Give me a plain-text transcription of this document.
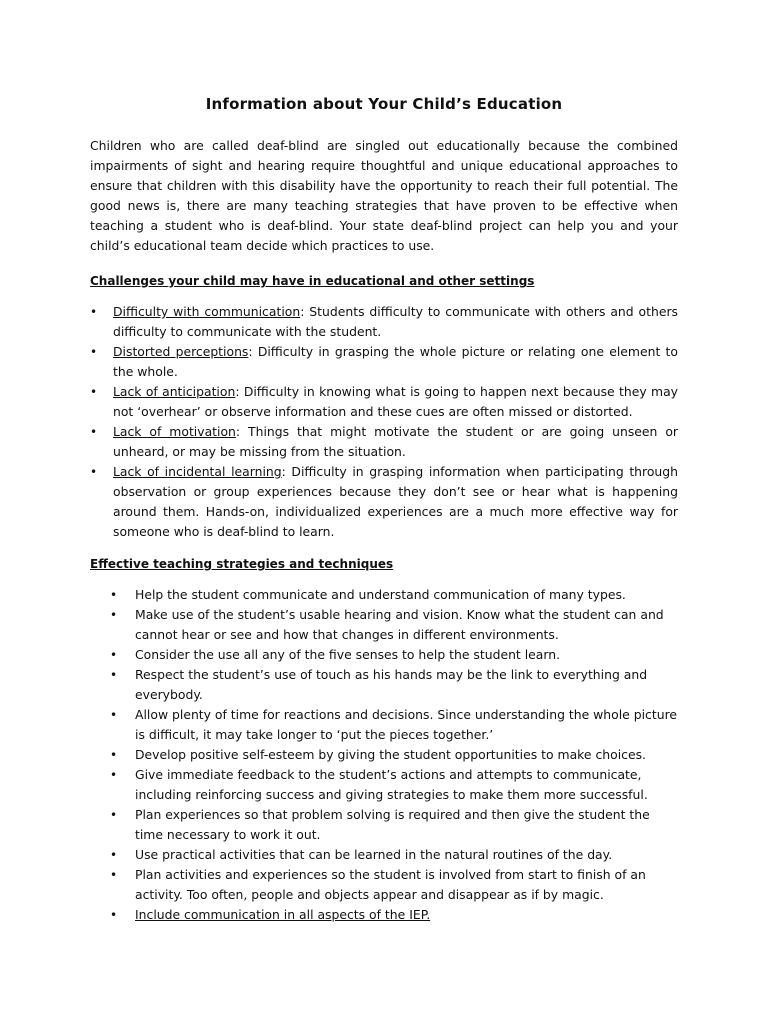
Information about Your Child’s Education

Children who are called deaf-blind are singled out educationally because the combined impairments of sight and hearing require thoughtful and unique educational approaches to ensure that children with this disability have the opportunity to reach their full potential. The good news is, there are many teaching strategies that have proven to be effective when teaching a student who is deaf-blind. Your state deaf-blind project can help you and your child’s educational team decide which practices to use.

Challenges your child may have in educational and other settings

• Difficulty with communication: Students difficulty to communicate with others and others difficulty to communicate with the student.
• Distorted perceptions: Difficulty in grasping the whole picture or relating one element to the whole.
• Lack of anticipation: Difficulty in knowing what is going to happen next because they may not ‘overhear’ or observe information and these cues are often missed or distorted.
• Lack of motivation: Things that might motivate the student or are going unseen or unheard, or may be missing from the situation.
• Lack of incidental learning: Difficulty in grasping information when participating through observation or group experiences because they don’t see or hear what is happening around them. Hands-on, individualized experiences are a much more effective way for someone who is deaf-blind to learn.

Effective teaching strategies and techniques

• Help the student communicate and understand communication of many types.
• Make use of the student’s usable hearing and vision. Know what the student can and cannot hear or see and how that changes in different environments.
• Consider the use all any of the five senses to help the student learn.
• Respect the student’s use of touch as his hands may be the link to everything and everybody.
• Allow plenty of time for reactions and decisions. Since understanding the whole picture is difficult, it may take longer to ‘put the pieces together.’
• Develop positive self-esteem by giving the student opportunities to make choices.
• Give immediate feedback to the student’s actions and attempts to communicate, including reinforcing success and giving strategies to make them more successful.
• Plan experiences so that problem solving is required and then give the student the time necessary to work it out.
• Use practical activities that can be learned in the natural routines of the day.
• Plan activities and experiences so the student is involved from start to finish of an activity. Too often, people and objects appear and disappear as if by magic.
• Include communication in all aspects of the IEP.
